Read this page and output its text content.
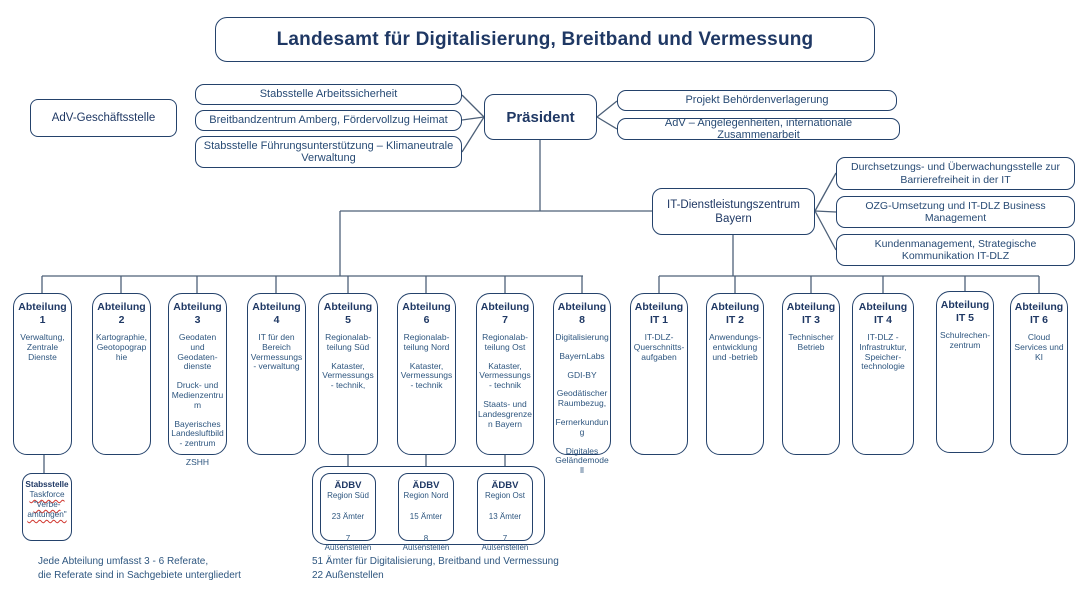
Landesamt für Digitalisierung, Breitband und Vermessung
AdV-Geschäftsstelle
Stabsstelle Arbeitssicherheit
Breitbandzentrum Amberg, Fördervollzug Heimat
Stabsstelle Führungsunterstützung – Klimaneutrale Verwaltung
Präsident
Projekt Behördenverlagerung
AdV – Angelegenheiten, internationale Zusammenarbeit
IT-Dienstleistungszentrum Bayern
Durchsetzungs- und Überwachungsstelle zur Barrierefreiheit in der IT
OZG-Umsetzung und IT-DLZ Business Management
Kundenmanagement, Strategische Kommunikation IT-DLZ
Abteilung
1
Verwaltung, Zentrale Dienste
Abteilung
2
Kartographie, Geotopographie
Abteilung
3
Geodaten und Geodaten- dienste
Druck- und Medienzentrum
Bayerisches Landesluftbild- zentrum
ZSHH
Abteilung
4
IT für den Bereich Vermessungs- verwaltung
Abteilung
5
Regionalab- teilung Süd
Kataster, Vermessungs- technik,
Abteilung
6
Regionalab- teilung Nord
Kataster, Vermessungs- technik
Abteilung
7
Regionalab- teilung Ost
Kataster, Vermessungs- technik
Staats- und Landesgrenzen Bayern
Abteilung
8
Digitalisierung
BayernLabs
GDI-BY
Geodätischer Raumbezug,
Fernerkundung
Digitales Geländemodell
Abteilung
IT 1
IT-DLZ- Querschnitts- aufgaben
Abteilung
IT 2
Anwendungs- entwicklung und -betrieb
Abteilung
IT 3
Technischer Betrieb
Abteilung
IT 4
IT-DLZ - Infrastruktur, Speicher- technologie
Abteilung
IT 5
Schulrechen- zentrum
Abteilung
IT 6
Cloud Services und KI
Stabsstelle
Taskforce
"Verbe- amtungen"
ÄDBV
Region Süd
23 Ämter
7 Außenstellen
ÄDBV
Region Nord
15 Ämter
8 Außenstellen
ÄDBV
Region Ost
13 Ämter
7 Außenstellen
Jede Abteilung umfasst 3 - 6 Referate,
die Referate sind in Sachgebiete untergliedert
51 Ämter für Digitalisierung, Breitband und Vermessung
22 Außenstellen
